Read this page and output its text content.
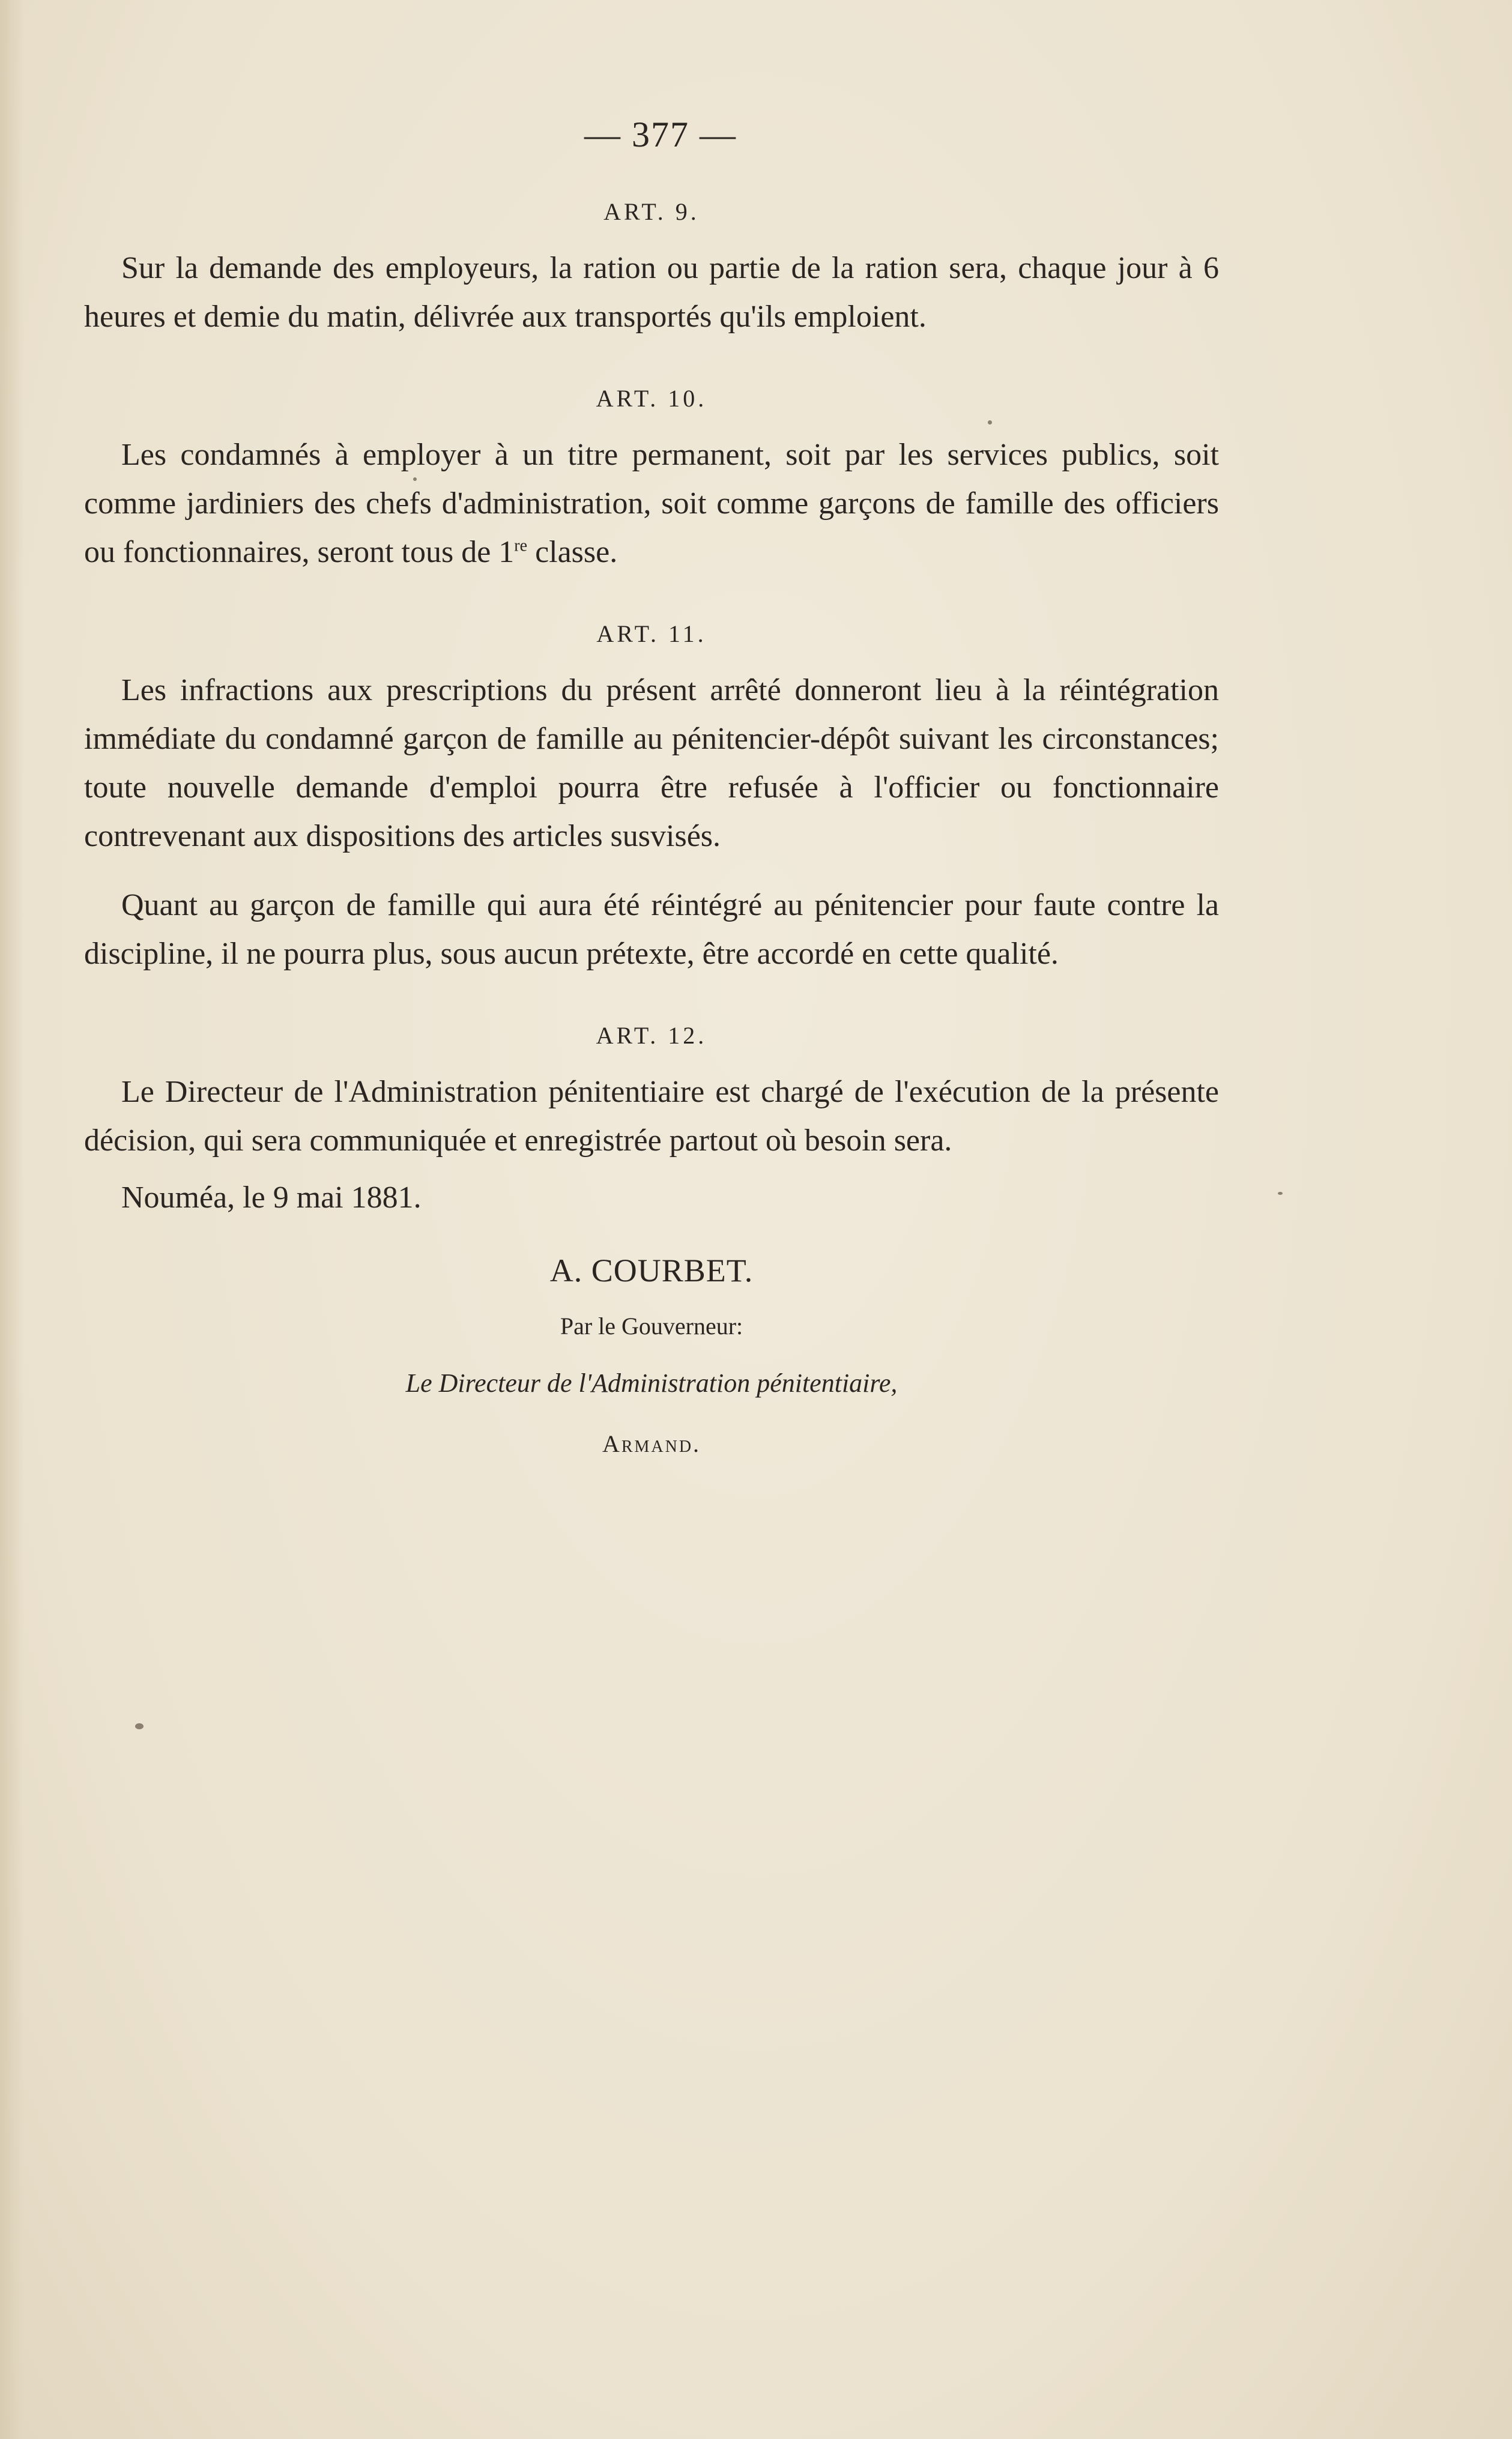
— 377 —
ART. 9.

Sur la demande des employeurs, la ration ou partie de la ration sera, chaque jour à 6 heures et demie du matin, délivrée aux transportés qu'ils emploient.

ART. 10.

Les condamnés à employer à un titre permanent, soit par les services publics, soit comme jardiniers des chefs d'administration, soit comme garçons de famille des officiers ou fonctionnaires, seront tous de 1re classe.

ART. 11.

Les infractions aux prescriptions du présent arrêté donneront lieu à la réintégration immédiate du condamné garçon de famille au pénitencier-dépôt suivant les circonstances; toute nouvelle demande d'emploi pourra être refusée à l'officier ou fonctionnaire contrevenant aux dispositions des articles susvisés.

Quant au garçon de famille qui aura été réintégré au pénitencier pour faute contre la discipline, il ne pourra plus, sous aucun prétexte, être accordé en cette qualité.

ART. 12.

Le Directeur de l'Administration pénitentiaire est chargé de l'exécution de la présente décision, qui sera communiquée et enregistrée partout où besoin sera.

Nouméa, le 9 mai 1881.

A. COURBET.
Par le Gouverneur:
Le Directeur de l'Administration pénitentiaire,
Armand.
